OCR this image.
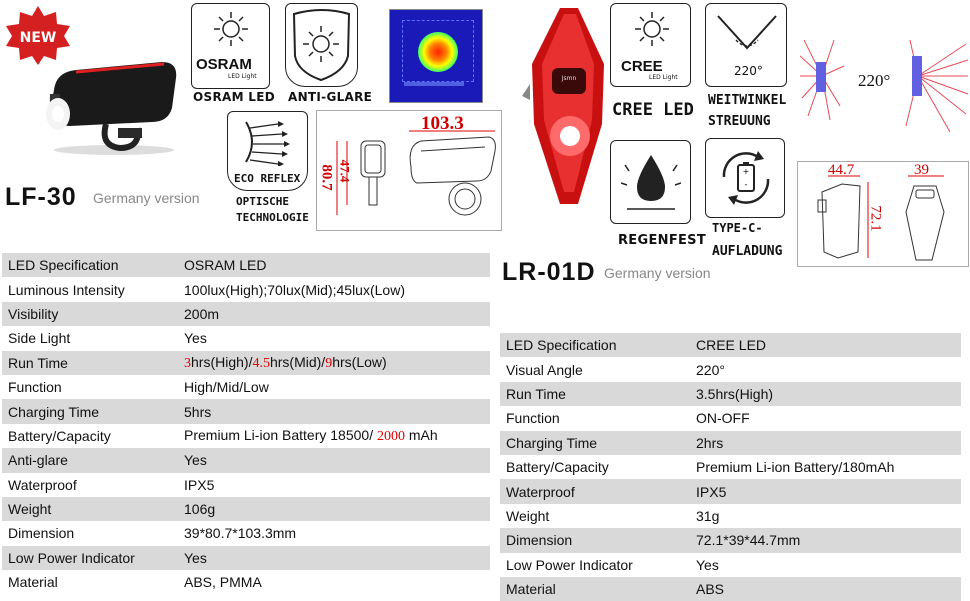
NEW
OSRAM
LED Light
OSRAM LED ANTI-GLARE
ECO REFLEX
OPTISCHE
TECHNOLOGIE
103.3
80.7 47.4
LF-30 Germany version
LED Specification	OSRAM LED
Luminous Intensity	100lux(High);70lux(Mid);45lux(Low)
Visibility	200m
Side Light	Yes
Run Time	3hrs(High)/4.5hrs(Mid)/9hrs(Low)
Function	High/Mid/Low
Charging Time	5hrs
Battery/Capacity	Premium Li-ion Battery 18500/ 2000 mAh
Anti-glare	Yes
Waterproof	IPX5
Weight	106g
Dimension	39*80.7*103.3mm
Low Power Indicator	Yes
Material	ABS, PMMA
Jsmn
CREE
LED Light
CREE LED
220°
WEITWINKEL
STREUUNG
220°
REGENFEST
+
-
TYPE-C-
AUFLADUNG
44.7	39
72.1
LR-01D Germany version
LED Specification	CREE LED
Visual Angle	220°
Run Time	3.5hrs(High)
Function	ON-OFF
Charging Time	2hrs
Battery/Capacity	Premium Li-ion Battery/180mAh
Waterproof	IPX5
Weight	31g
Dimension	72.1*39*44.7mm
Low Power Indicator	Yes
Material	ABS
